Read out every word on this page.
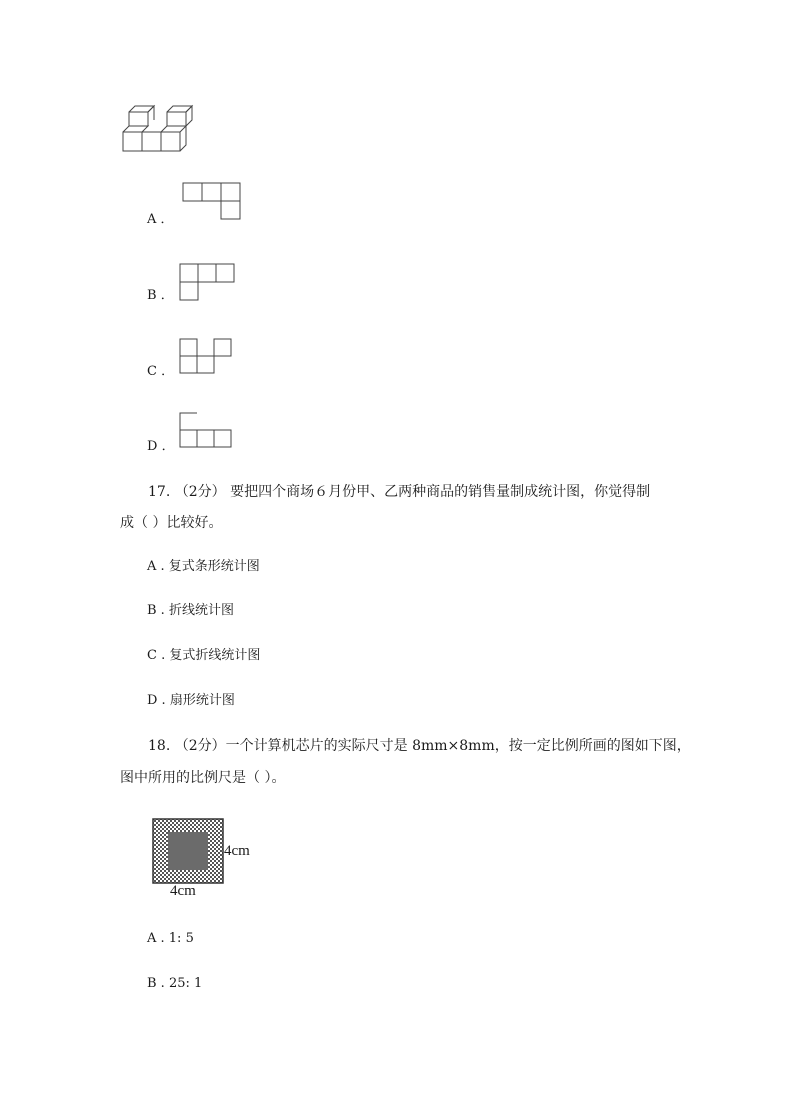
A ．
B ．
C ．
D ．
17. （2分） 要把四个商场６月份甲、乙两种商品的销售量制成统计图，你觉得制
成（ ）比较好。
A . 复式条形统计图
B . 折线统计图
C . 复式折线统计图
D . 扇形统计图
18. （2分）一个计算机芯片的实际尺寸是 8mm×8mm，按一定比例所画的图如下图，
图中所用的比例尺是（ ）。
4cm
4cm
A . 1: 5
B . 25: 1
